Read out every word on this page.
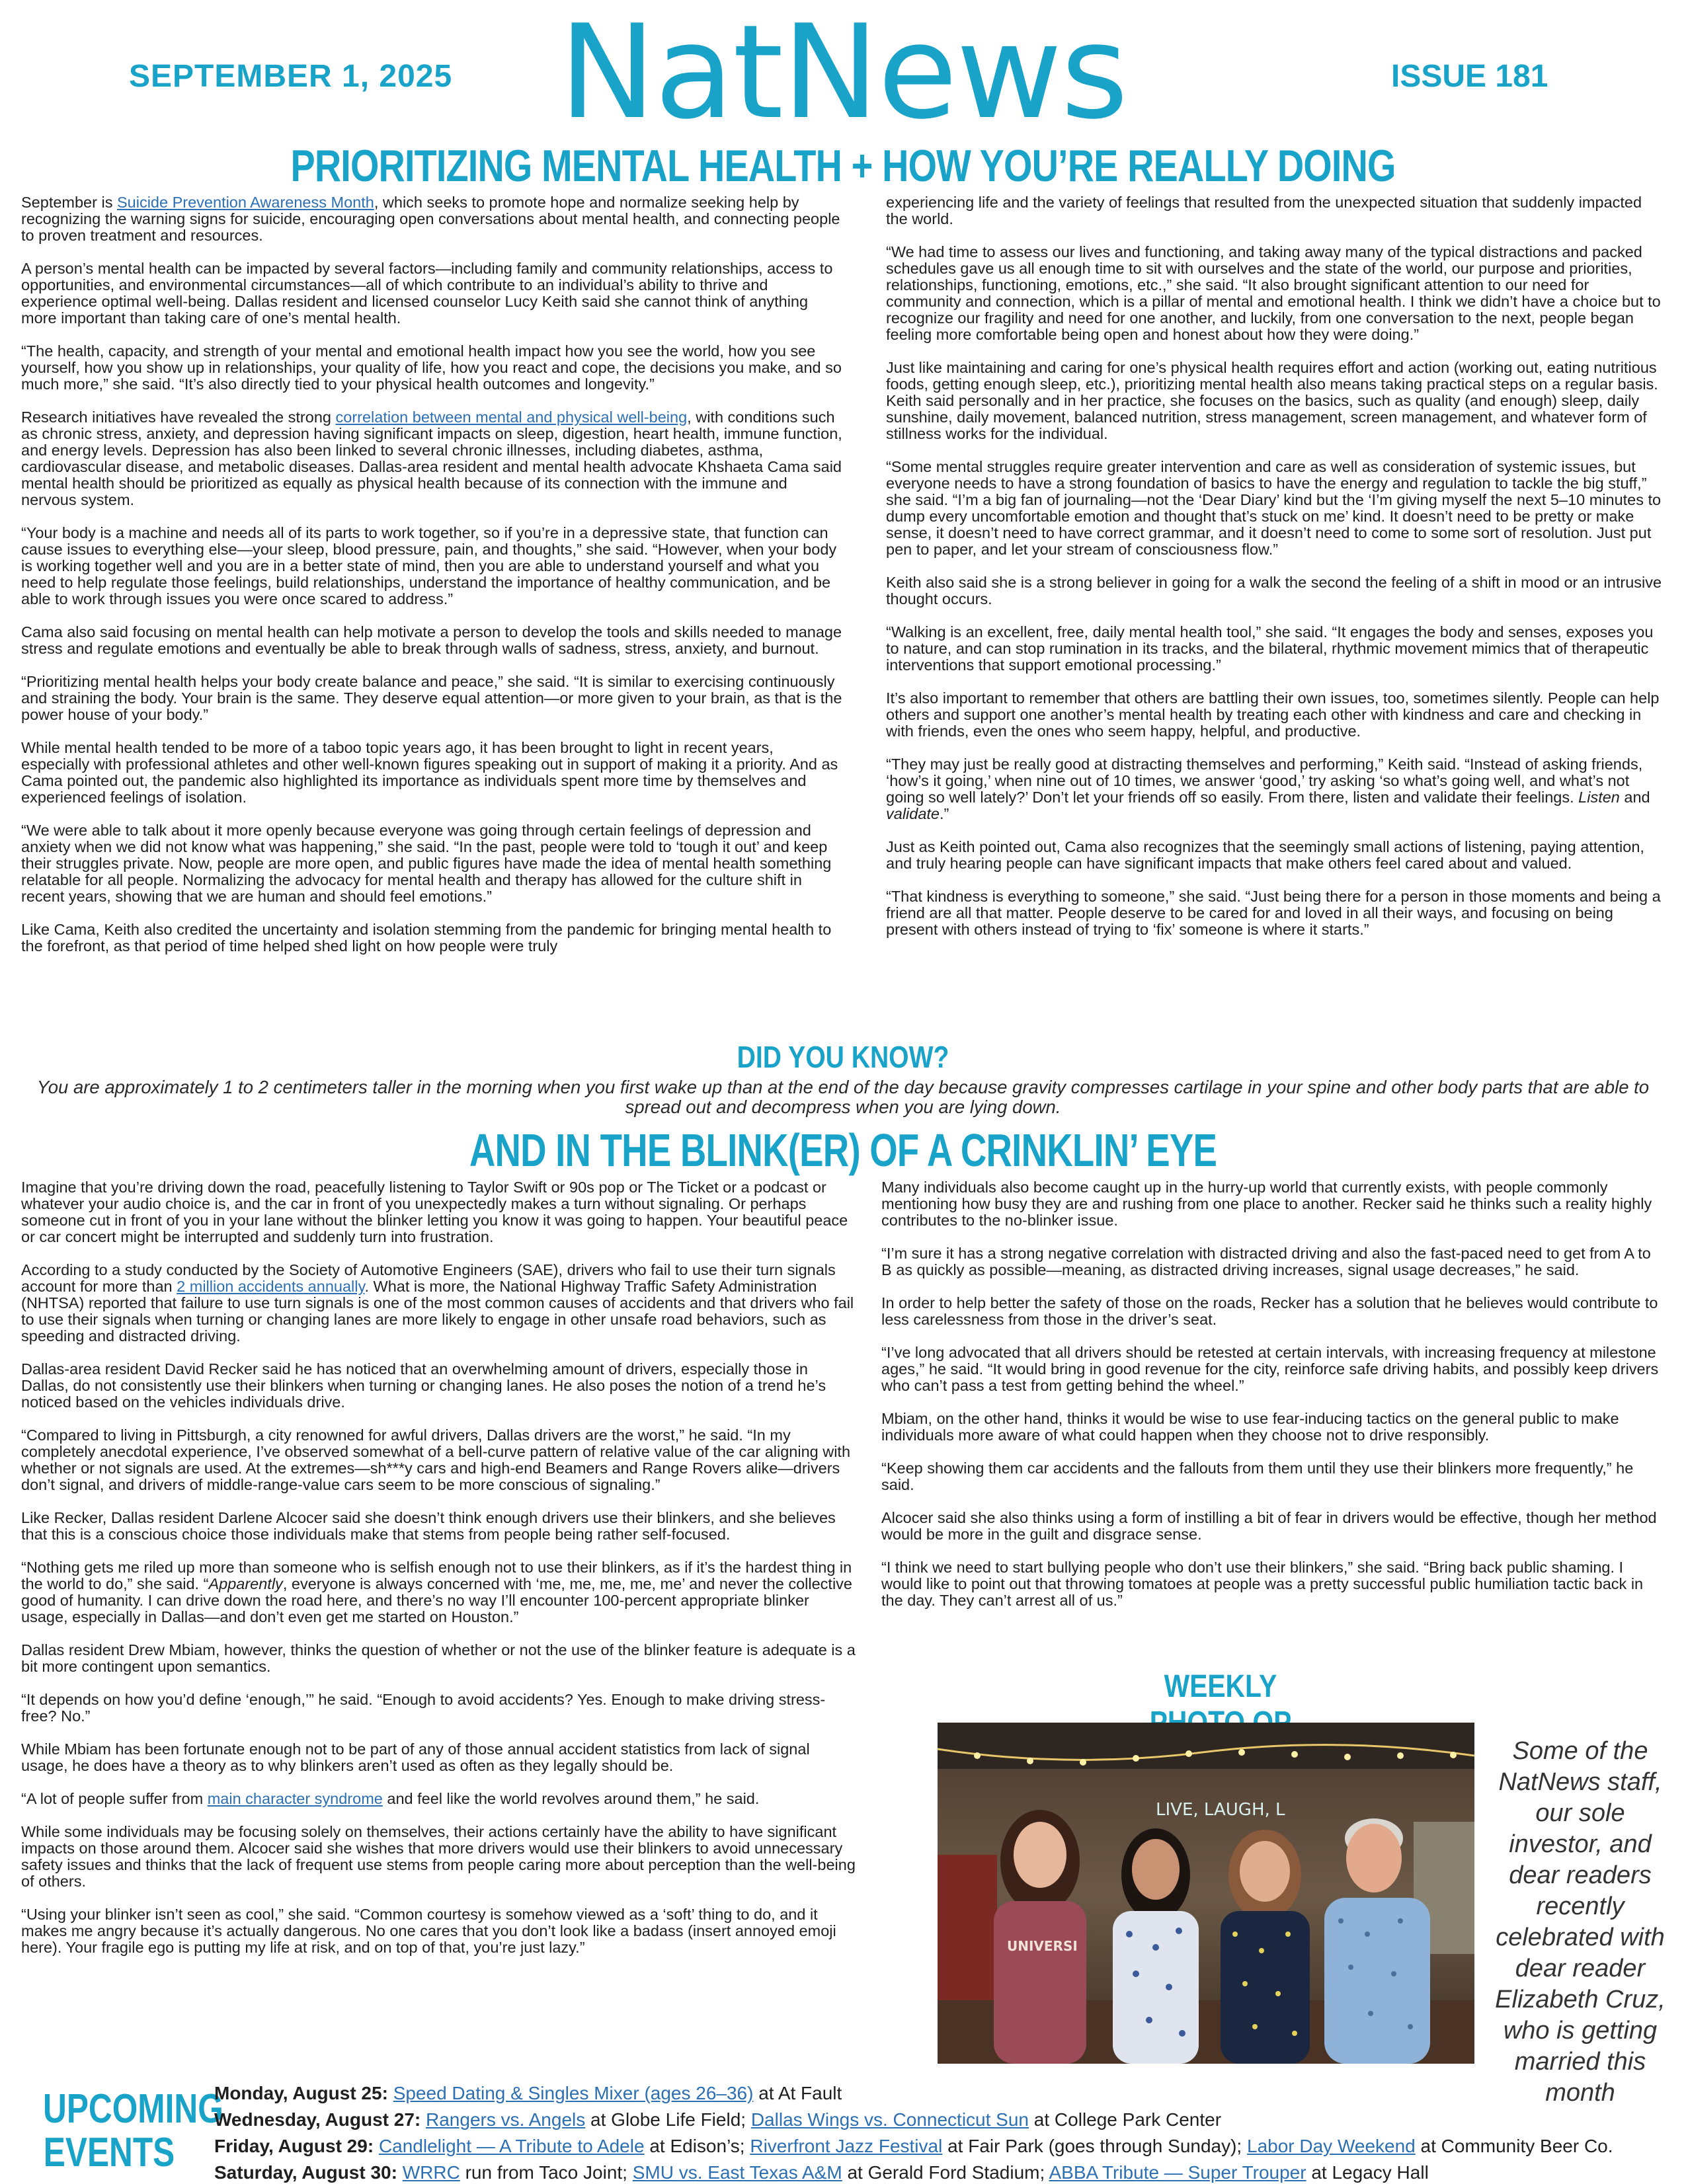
SEPTEMBER 1, 2025 NatNews	ISSUE 181
PRIORITIZING MENTAL HEALTH + HOW YOU’RE REALLY DOING

September is Suicide Prevention Awareness Month, which seeks to promote hope and normalize seeking help by recognizing the warning signs for suicide, encouraging open conversations about mental health, and connecting people to proven treatment and resources.

A person’s mental health can be impacted by several factors—including family and community relationships, access to opportunities, and environmental circumstances—all of which contribute to an individual’s ability to thrive and experience optimal well-being. Dallas resident and licensed counselor Lucy Keith said she cannot think of anything more important than taking care of one’s mental health.

“The health, capacity, and strength of your mental and emotional health impact how you see the world, how you see yourself, how you show up in relationships, your quality of life, how you react and cope, the decisions you make, and so much more,” she said. “It’s also directly tied to your physical health outcomes and longevity.”

Research initiatives have revealed the strong correlation between mental and physical well-being, with conditions such as chronic stress, anxiety, and depression having significant impacts on sleep, digestion, heart health, immune function, and energy levels. Depression has also been linked to several chronic illnesses, including diabetes, asthma, cardiovascular disease, and metabolic diseases. Dallas-area resident and mental health advocate Khshaeta Cama said mental health should be prioritized as equally as physical health because of its connection with the immune and nervous system.

“Your body is a machine and needs all of its parts to work together, so if you’re in a depressive state, that function can cause issues to everything else—your sleep, blood pressure, pain, and thoughts,” she said. “However, when your body is working together well and you are in a better state of mind, then you are able to understand yourself and what you need to help regulate those feelings, build relationships, understand the importance of healthy communication, and be able to work through issues you were once scared to address.”

Cama also said focusing on mental health can help motivate a person to develop the tools and skills needed to manage stress and regulate emotions and eventually be able to break through walls of sadness, stress, anxiety, and burnout.

“Prioritizing mental health helps your body create balance and peace,” she said. “It is similar to exercising continuously and straining the body. Your brain is the same. They deserve equal attention—or more given to your brain, as that is the power house of your body.”

While mental health tended to be more of a taboo topic years ago, it has been brought to light in recent years, especially with professional athletes and other well-known figures speaking out in support of making it a priority. And as Cama pointed out, the pandemic also highlighted its importance as individuals spent more time by themselves and experienced feelings of isolation.

“We were able to talk about it more openly because everyone was going through certain feelings of depression and anxiety when we did not know what was happening,” she said. “In the past, people were told to ‘tough it out’ and keep their struggles private. Now, people are more open, and public figures have made the idea of mental health something relatable for all people. Normalizing the advocacy for mental health and therapy has allowed for the culture shift in recent years, showing that we are human and should feel emotions.”

Like Cama, Keith also credited the uncertainty and isolation stemming from the pandemic for bringing mental health to the forefront, as that period of time helped shed light on how people were truly

experiencing life and the variety of feelings that resulted from the unexpected situation that suddenly impacted the world.

“We had time to assess our lives and functioning, and taking away many of the typical distractions and packed schedules gave us all enough time to sit with ourselves and the state of the world, our purpose and priorities, relationships, functioning, emotions, etc.,” she said. “It also brought significant attention to our need for community and connection, which is a pillar of mental and emotional health. I think we didn’t have a choice but to recognize our fragility and need for one another, and luckily, from one conversation to the next, people began feeling more comfortable being open and honest about how they were doing.”

Just like maintaining and caring for one’s physical health requires effort and action (working out, eating nutritious foods, getting enough sleep, etc.), prioritizing mental health also means taking practical steps on a regular basis. Keith said personally and in her practice, she focuses on the basics, such as quality (and enough) sleep, daily sunshine, daily movement, balanced nutrition, stress management, screen management, and whatever form of stillness works for the individual.

“Some mental struggles require greater intervention and care as well as consideration of systemic issues, but everyone needs to have a strong foundation of basics to have the energy and regulation to tackle the big stuff,” she said. “I’m a big fan of journaling—not the ‘Dear Diary’ kind but the ‘I’m giving myself the next 5–10 minutes to dump every uncomfortable emotion and thought that’s stuck on me’ kind. It doesn’t need to be pretty or make sense, it doesn’t need to have correct grammar, and it doesn’t need to come to some sort of resolution. Just put pen to paper, and let your stream of consciousness flow.”

Keith also said she is a strong believer in going for a walk the second the feeling of a shift in mood or an intrusive thought occurs.

“Walking is an excellent, free, daily mental health tool,” she said. “It engages the body and senses, exposes you to nature, and can stop rumination in its tracks, and the bilateral, rhythmic movement mimics that of therapeutic interventions that support emotional processing.”

It’s also important to remember that others are battling their own issues, too, sometimes silently. People can help others and support one another’s mental health by treating each other with kindness and care and checking in with friends, even the ones who seem happy, helpful, and productive.

“They may just be really good at distracting themselves and performing,” Keith said. “Instead of asking friends, ‘how’s it going,’ when nine out of 10 times, we answer ‘good,’ try asking ‘so what’s going well, and what’s not going so well lately?’ Don’t let your friends off so easily. From there, listen and validate their feelings. Listen and validate.”

Just as Keith pointed out, Cama also recognizes that the seemingly small actions of listening, paying attention, and truly hearing people can have significant impacts that make others feel cared about and valued.

“That kindness is everything to someone,” she said. “Just being there for a person in those moments and being a friend are all that matter. People deserve to be cared for and loved in all their ways, and focusing on being present with others instead of trying to ‘fix’ someone is where it starts.”

DID YOU KNOW?
You are approximately 1 to 2 centimeters taller in the morning when you first wake up than at the end of the day because gravity compresses cartilage in your spine and other body parts that are able to spread out and decompress when you are lying down.
AND IN THE BLINK(ER) OF A CRINKLIN’ EYE

Imagine that you’re driving down the road, peacefully listening to Taylor Swift or 90s pop or The Ticket or a podcast or whatever your audio choice is, and the car in front of you unexpectedly makes a turn without signaling. Or perhaps someone cut in front of you in your lane without the blinker letting you know it was going to happen. Your beautiful peace or car concert might be interrupted and suddenly turn into frustration.

According to a study conducted by the Society of Automotive Engineers (SAE), drivers who fail to use their turn signals account for more than 2 million accidents annually. What is more, the National Highway Traffic Safety Administration (NHTSA) reported that failure to use turn signals is one of the most common causes of accidents and that drivers who fail to use their signals when turning or changing lanes are more likely to engage in other unsafe road behaviors, such as speeding and distracted driving.

Dallas-area resident David Recker said he has noticed that an overwhelming amount of drivers, especially those in Dallas, do not consistently use their blinkers when turning or changing lanes. He also poses the notion of a trend he’s noticed based on the vehicles individuals drive.

“Compared to living in Pittsburgh, a city renowned for awful drivers, Dallas drivers are the worst,” he said. “In my completely anecdotal experience, I’ve observed somewhat of a bell-curve pattern of relative value of the car aligning with whether or not signals are used. At the extremes—sh***y cars and high-end Beamers and Range Rovers alike—drivers don’t signal, and drivers of middle-range-value cars seem to be more conscious of signaling.”

Like Recker, Dallas resident Darlene Alcocer said she doesn’t think enough drivers use their blinkers, and she believes that this is a conscious choice those individuals make that stems from people being rather self-focused.

“Nothing gets me riled up more than someone who is selfish enough not to use their blinkers, as if it’s the hardest thing in the world to do,” she said. “Apparently, everyone is always concerned with ‘me, me, me, me, me’ and never the collective good of humanity. I can drive down the road here, and there’s no way I’ll encounter 100-percent appropriate blinker usage, especially in Dallas—and don’t even get me started on Houston.”

Dallas resident Drew Mbiam, however, thinks the question of whether or not the use of the blinker feature is adequate is a bit more contingent upon semantics.

“It depends on how you’d define ‘enough,’” he said. “Enough to avoid accidents? Yes. Enough to make driving stress-free? No.”

While Mbiam has been fortunate enough not to be part of any of those annual accident statistics from lack of signal usage, he does have a theory as to why blinkers aren’t used as often as they legally should be.

“A lot of people suffer from main character syndrome and feel like the world revolves around them,” he said.

While some individuals may be focusing solely on themselves, their actions certainly have the ability to have significant impacts on those around them. Alcocer said she wishes that more drivers would use their blinkers to avoid unnecessary safety issues and thinks that the lack of frequent use stems from people caring more about perception than the well-being of others.

“Using your blinker isn’t seen as cool,” she said. “Common courtesy is somehow viewed as a ‘soft’ thing to do, and it makes me angry because it’s actually dangerous. No one cares that you don’t look like a badass (insert annoyed emoji here). Your fragile ego is putting my life at risk, and on top of that, you’re just lazy.”

Many individuals also become caught up in the hurry-up world that currently exists, with people commonly mentioning how busy they are and rushing from one place to another. Recker said he thinks such a reality highly contributes to the no-blinker issue.

“I’m sure it has a strong negative correlation with distracted driving and also the fast-paced need to get from A to B as quickly as possible—meaning, as distracted driving increases, signal usage decreases,” he said.

In order to help better the safety of those on the roads, Recker has a solution that he believes would contribute to less carelessness from those in the driver’s seat.

“I’ve long advocated that all drivers should be retested at certain intervals, with increasing frequency at milestone ages,” he said. “It would bring in good revenue for the city, reinforce safe driving habits, and possibly keep drivers who can’t pass a test from getting behind the wheel.”

Mbiam, on the other hand, thinks it would be wise to use fear-inducing tactics on the general public to make individuals more aware of what could happen when they choose not to drive responsibly.

“Keep showing them car accidents and the fallouts from them until they use their blinkers more frequently,” he said.

Alcocer said she also thinks using a form of instilling a bit of fear in drivers would be effective, though her method would be more in the guilt and disgrace sense.

“I think we need to start bullying people who don’t use their blinkers,” she said. “Bring back public shaming. I would like to point out that throwing tomatoes at people was a pretty successful public humiliation tactic back in the day. They can’t arrest all of us.”

WEEKLY
LIVE, LAUGH, L
UNIVERSI
Some of the NatNews staff, our sole investor, and dear readers recently celebrated with dear reader Elizabeth Cruz, who is getting married this month
UPCOMING EVENTS
Monday, August 25: Speed Dating & Singles Mixer (ages 26–36) at At Fault
Wednesday, August 27: Rangers vs. Angels at Globe Life Field; Dallas Wings vs. Connecticut Sun at College Park Center
Friday, August 29: Candlelight — A Tribute to Adele at Edison’s; Riverfront Jazz Festival at Fair Park (goes through Sunday); Labor Day Weekend at Community Beer Co.
Saturday, August 30: WRRC run from Taco Joint; SMU vs. East Texas A&M at Gerald Ford Stadium; ABBA Tribute — Super Trouper at Legacy Hall
